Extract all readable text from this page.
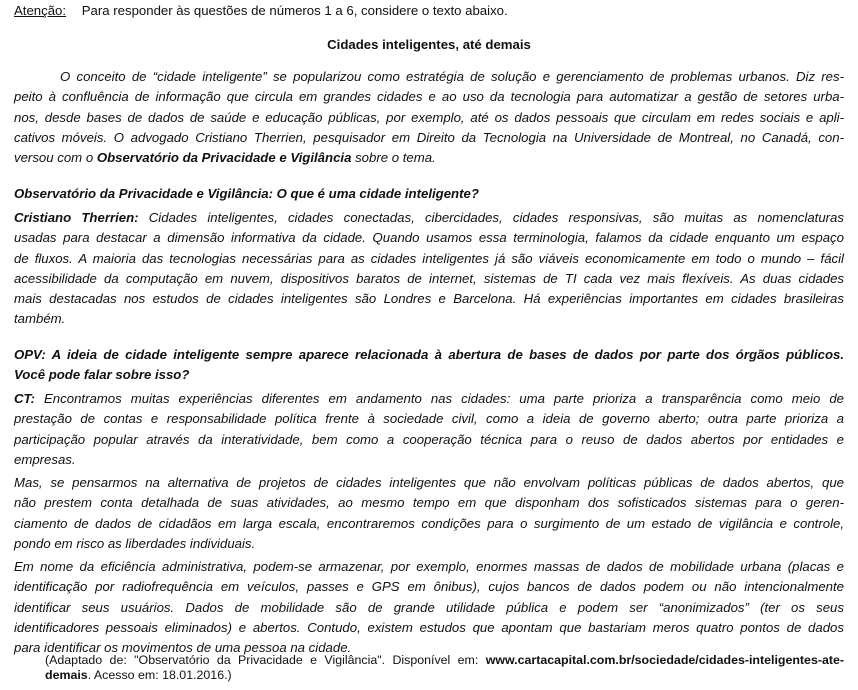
Atenção: Para responder às questões de números 1 a 6, considere o texto abaixo.
Cidades inteligentes, até demais
O conceito de “cidade inteligente” se popularizou como estratégia de solução e gerenciamento de problemas urbanos. Diz res-
peito à confluência de informação que circula em grandes cidades e ao uso da tecnologia para automatizar a gestão de setores urba-
nos, desde bases de dados de saúde e educação públicas, por exemplo, até os dados pessoais que circulam em redes sociais e apli-
cativos móveis. O advogado Cristiano Therrien, pesquisador em Direito da Tecnologia na Universidade de Montreal, no Canadá, con-
versou com o Observatório da Privacidade e Vigilância sobre o tema.
Observatório da Privacidade e Vigilância: O que é uma cidade inteligente?
Cristiano Therrien: Cidades inteligentes, cidades conectadas, cibercidades, cidades responsivas, são muitas as nomenclaturas
usadas para destacar a dimensão informativa da cidade. Quando usamos essa terminologia, falamos da cidade enquanto um espaço
de fluxos. A maioria das tecnologias necessárias para as cidades inteligentes já são viáveis economicamente em todo o mundo – fácil
acessibilidade da computação em nuvem, dispositivos baratos de internet, sistemas de TI cada vez mais flexíveis. As duas cidades
mais destacadas nos estudos de cidades inteligentes são Londres e Barcelona. Há experiências importantes em cidades brasileiras
também.
OPV: A ideia de cidade inteligente sempre aparece relacionada à abertura de bases de dados por parte dos órgãos públicos.
Você pode falar sobre isso?
CT: Encontramos muitas experiências diferentes em andamento nas cidades: uma parte prioriza a transparência como meio de
prestação de contas e responsabilidade política frente à sociedade civil, como a ideia de governo aberto; outra parte prioriza a
participação popular através da interatividade, bem como a cooperação técnica para o reuso de dados abertos por entidades e
empresas.
Mas, se pensarmos na alternativa de projetos de cidades inteligentes que não envolvam políticas públicas de dados abertos, que
não prestem conta detalhada de suas atividades, ao mesmo tempo em que disponham dos sofisticados sistemas para o geren-
ciamento de dados de cidadãos em larga escala, encontraremos condições para o surgimento de um estado de vigilância e controle,
pondo em risco as liberdades individuais.
Em nome da eficiência administrativa, podem-se armazenar, por exemplo, enormes massas de dados de mobilidade urbana (placas e
identificação por radiofrequência em veículos, passes e GPS em ônibus), cujos bancos de dados podem ou não intencionalmente
identificar seus usuários. Dados de mobilidade são de grande utilidade pública e podem ser “anonimizados” (ter os seus
identificadores pessoais eliminados) e abertos. Contudo, existem estudos que apontam que bastariam meros quatro pontos de dados
para identificar os movimentos de uma pessoa na cidade.
(Adaptado de: "Observatório da Privacidade e Vigilância". Disponível em: www.cartacapital.com.br/sociedade/cidades-inteligentes-ate-
demais. Acesso em: 18.01.2016.)
